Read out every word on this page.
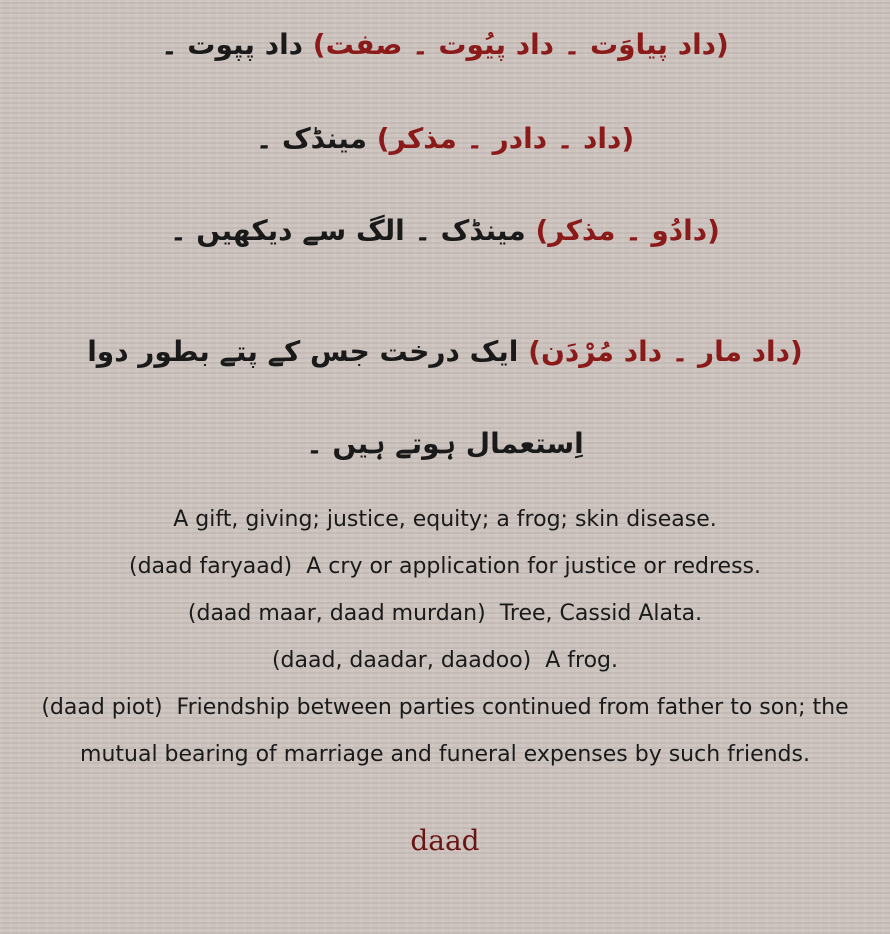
(داد پیاوَت ۔ داد پیُوت ۔ صفت) داد پپوت ۔
(داد ۔ دادر ۔ مذکر) مینڈک ۔
(دادُو ۔ مذکر) مینڈک ۔ الگ سے دیکھیں ۔
(داد مار ۔ داد مُرْدَن) ایک درخت جس کے پتے بطور دوا اِستعمال ہوتے ہیں ۔
A gift, giving; justice, equity; a frog; skin disease.
(daad faryaad) A cry or application for justice or redress.
(daad maar, daad murdan) Tree, Cassid Alata.
(daad, daadar, daadoo) A frog.
(daad piot) Friendship between parties continued from father to son; the mutual bearing of marriage and funeral expenses by such friends.
daad
